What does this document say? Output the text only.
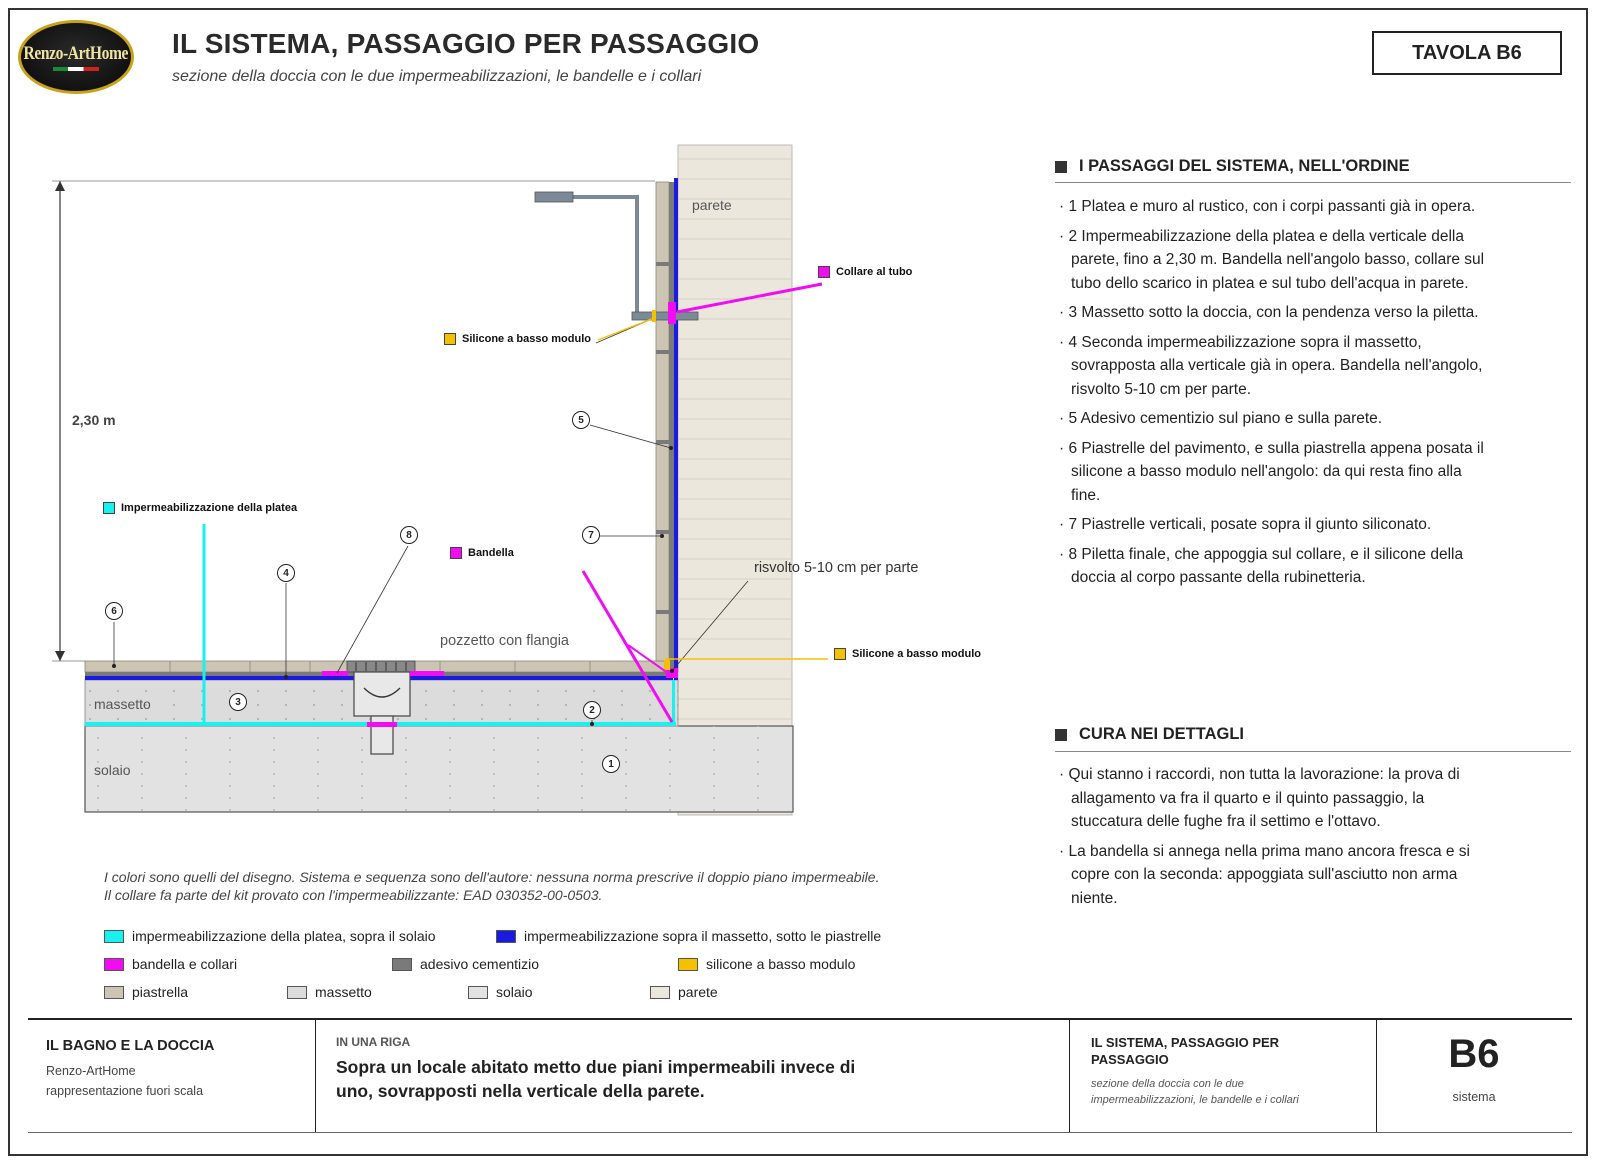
Renzo-ArtHome IL SISTEMA, PASSAGGIO PER PASSAGGIO
sezione della doccia con le due impermeabilizzazioni, le bandelle e i collari
TAVOLA B6
parete
massetto
solaio
pozzetto con flangia
risvolto 5-10 cm per parte
2,30 m
Collare al tubo
Silicone a basso modulo
Silicone a basso modulo
Impermeabilizzazione della platea
Bandella
1
2
3
4
5
6
7
8
I PASSAGGI DEL SISTEMA, NELL'ORDINE

· 1 Platea e muro al rustico, con i corpi passanti già in opera.

· 2 Impermeabilizzazione della platea e della verticale della parete, fino a 2,30 m. Bandella nell'angolo basso, collare sul tubo dello scarico in platea e sul tubo dell'acqua in parete.

· 3 Massetto sotto la doccia, con la pendenza verso la piletta.

· 4 Seconda impermeabilizzazione sopra il massetto, sovrapposta alla verticale già in opera. Bandella nell'angolo, risvolto 5-10 cm per parte.

· 5 Adesivo cementizio sul piano e sulla parete.

· 6 Piastrelle del pavimento, e sulla piastrella appena posata il silicone a basso modulo nell'angolo: da qui resta fino alla fine.

· 7 Piastrelle verticali, posate sopra il giunto siliconato.

· 8 Piletta finale, che appoggia sul collare, e il silicone della doccia al corpo passante della rubinetteria.

CURA NEI DETTAGLI

· Qui stanno i raccordi, non tutta la lavorazione: la prova di allagamento va fra il quarto e il quinto passaggio, la stuccatura delle fughe fra il settimo e l'ottavo.

· La bandella si annega nella prima mano ancora fresca e si copre con la seconda: appoggiata sull'asciutto non arma niente.

I colori sono quelli del disegno. Sistema e sequenza sono dell'autore: nessuna norma prescrive il doppio piano impermeabile.
Il collare fa parte del kit provato con l'impermeabilizzante: EAD 030352-00-0503.
impermeabilizzazione della platea, sopra il solaio	impermeabilizzazione sopra il massetto, sotto le piastrelle
bandella e collari	adesivo cementizio	silicone a basso modulo
piastrella	massetto	solaio	parete
IL BAGNO E LA DOCCIA
Renzo-ArtHome
rappresentazione fuori scala
IN UNA RIGA
Sopra un locale abitato metto due piani impermeabili invece di uno, sovrapposti nella verticale della parete.
IL SISTEMA, PASSAGGIO PER PASSAGGIO
sezione della doccia con le due impermeabilizzazioni, le bandelle e i collari
B6
sistema
